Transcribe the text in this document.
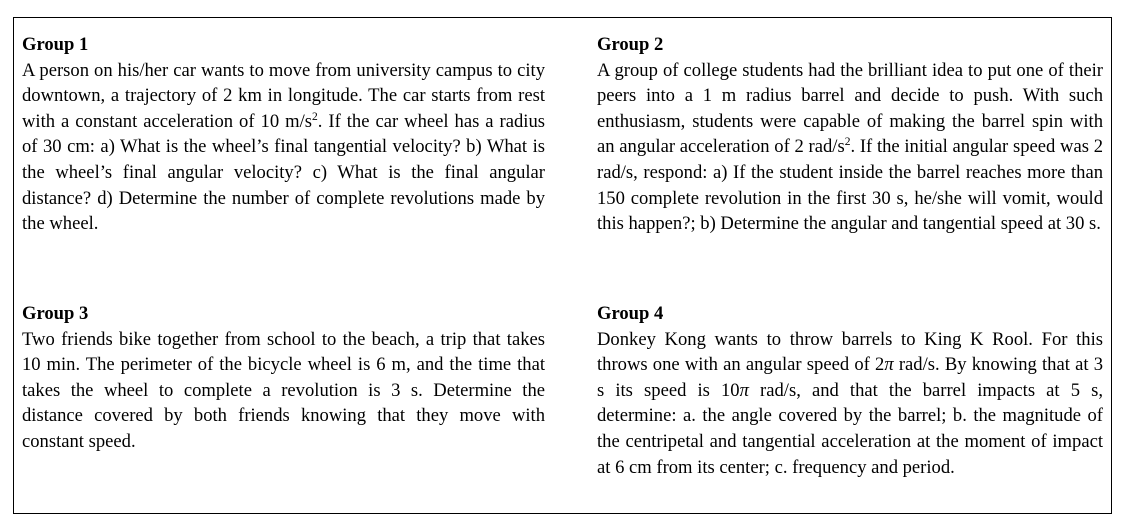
Group 1
A person on his/her car wants to move from university campus to city downtown, a trajectory of 2 km in longitude. The car starts from rest with a constant acceleration of 10 $m/s^2$. If the car wheel has a radius of 30 cm: a) What is the wheel’s final tangential velocity? b) What is the wheel’s final angular velocity? c) What is the final angular distance? d) Determine the number of complete revolutions made by the wheel.
Group 2
A group of college students had the brilliant idea to put one of their peers into a 1 m radius barrel and decide to push. With such enthusiasm, students were capable of making the barrel spin with an angular acceleration of 2 rad/$s^2$. If the initial angular speed was 2 rad/s, respond: a) If the student inside the barrel reaches more than 150 complete revolution in the first 30 s, he/she will vomit, would this happen?; b) Determine the angular and tangential speed at 30 s.
Group 3
Two friends bike together from school to the beach, a trip that takes 10 min. The perimeter of the bicycle wheel is 6 m, and the time that takes the wheel to complete a revolution is 3 s. Determine the distance covered by both friends knowing that they move with constant speed.
Group 4
Donkey Kong wants to throw barrels to King K Rool. For this throws one with an angular speed of 2π rad/s. By knowing that at 3 s its speed is 10π rad/s, and that the barrel impacts at 5 s, determine: a. the angle covered by the barrel; b. the magnitude of the centripetal and tangential acceleration at the moment of impact at 6 cm from its center; c. frequency and period.
